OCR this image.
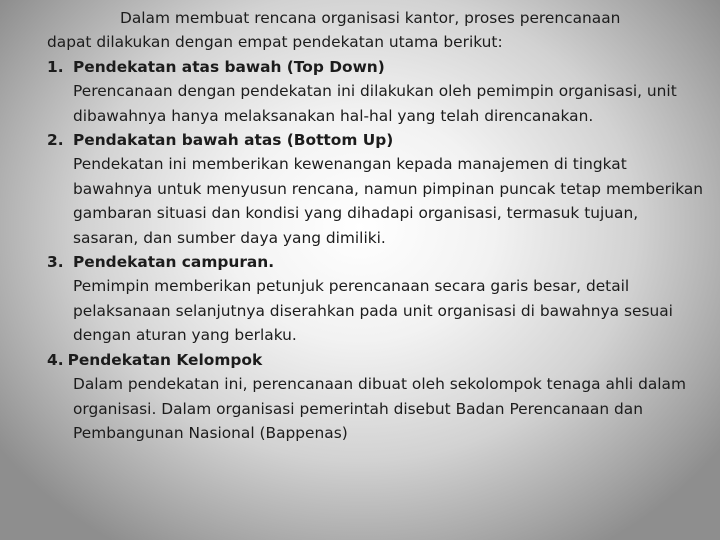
Dalam membuat rencana organisasi kantor, proses perencanaan
dapat dilakukan dengan empat pendekatan utama berikut:

1. Pendekatan atas bawah (Top Down)
Perencanaan dengan pendekatan ini dilakukan oleh pemimpin organisasi, unit dibawahnya hanya melaksanakan hal-hal yang telah direncanakan.
2. Pendakatan bawah atas (Bottom Up)
Pendekatan ini memberikan kewenangan kepada manajemen di tingkat bawahnya untuk menyusun rencana, namun pimpinan puncak tetap memberikan gambaran situasi dan kondisi yang dihadapi organisasi, termasuk tujuan, sasaran, dan sumber daya yang dimiliki.
3. Pendekatan campuran.
Pemimpin memberikan petunjuk perencanaan secara garis besar, detail pelaksanaan selanjutnya diserahkan pada unit organisasi di bawahnya sesuai dengan aturan yang berlaku.
4. Pendekatan Kelompok
Dalam pendekatan ini, perencanaan dibuat oleh sekolompok tenaga ahli dalam organisasi. Dalam organisasi pemerintah disebut Badan Perencanaan dan Pembangunan Nasional (Bappenas)
